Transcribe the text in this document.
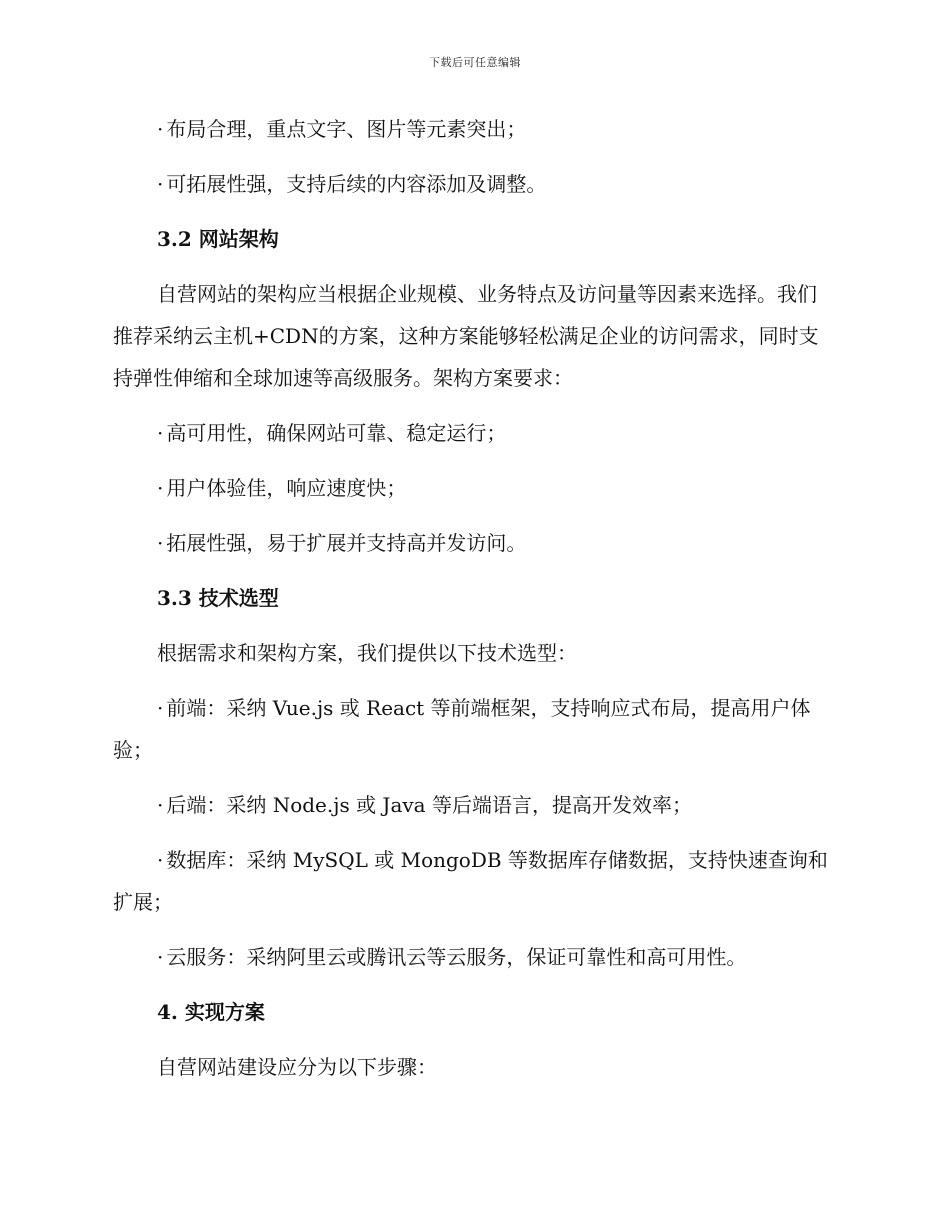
下载后可任意编辑

· 布局合理，重点文字、图片等元素突出；

· 可拓展性强，支持后续的内容添加及调整。

3.2 网站架构

自营网站的架构应当根据企业规模、业务特点及访问量等因素来选择。我们推荐采纳云主机+CDN的方案，这种方案能够轻松满足企业的访问需求，同时支持弹性伸缩和全球加速等高级服务。架构方案要求：

· 高可用性，确保网站可靠、稳定运行；

· 用户体验佳，响应速度快；

· 拓展性强，易于扩展并支持高并发访问。

3.3 技术选型

根据需求和架构方案，我们提供以下技术选型：

· 前端：采纳 Vue.js 或 React 等前端框架，支持响应式布局，提高用户体验；

· 后端：采纳 Node.js 或 Java 等后端语言，提高开发效率；

· 数据库：采纳 MySQL 或 MongoDB 等数据库存储数据，支持快速查询和扩展；

· 云服务：采纳阿里云或腾讯云等云服务，保证可靠性和高可用性。

4. 实现方案

自营网站建设应分为以下步骤：
